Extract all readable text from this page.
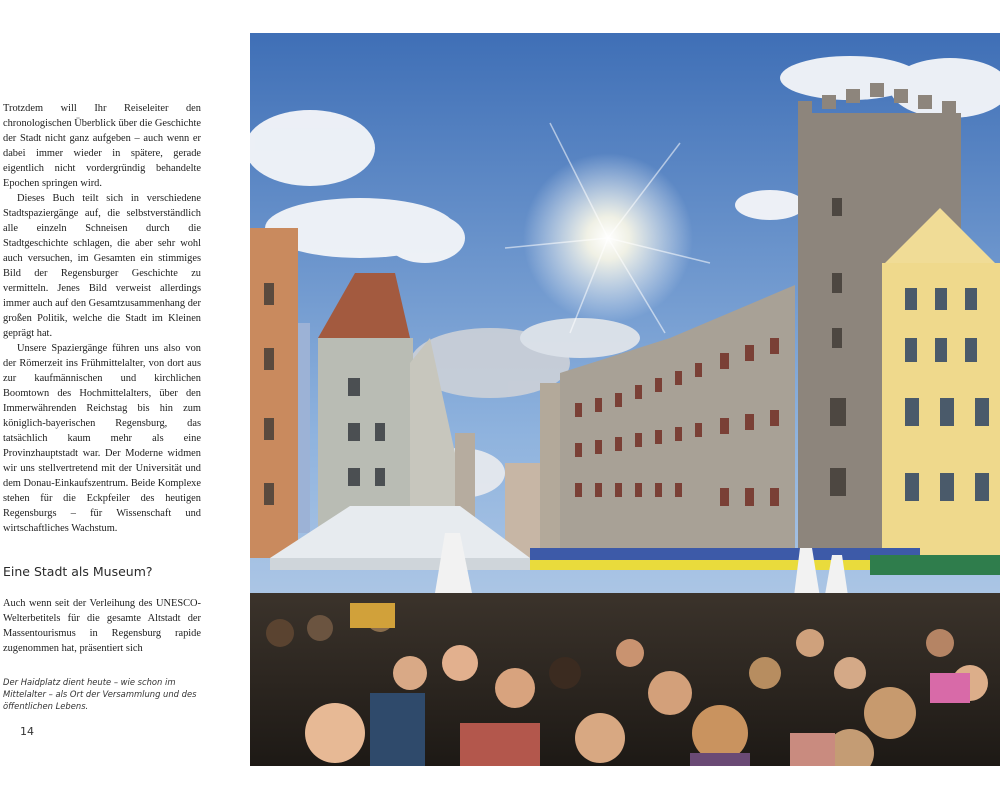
Trotzdem will Ihr Reiseleiter den chronologischen Überblick über die Geschichte der Stadt nicht ganz aufgeben – auch wenn er dabei immer wieder in spätere, gerade eigentlich nicht vordergründig behandelte Epochen springen wird.

Dieses Buch teilt sich in verschiedene Stadtspaziergänge auf, die selbstverständlich alle einzeln Schneisen durch die Stadtgeschichte schlagen, die aber sehr wohl auch versuchen, im Gesamten ein stimmiges Bild der Regensburger Geschichte zu vermitteln. Jenes Bild verweist allerdings immer auch auf den Gesamtzusammenhang der großen Politik, welche die Stadt im Kleinen geprägt hat.

Unsere Spaziergänge führen uns also von der Römerzeit ins Frühmittelalter, von dort aus zur kaufmännischen und kirchlichen Boomtown des Hochmittelalters, über den Immerwährenden Reichstag bis hin zum königlich-bayerischen Regensburg, das tatsächlich kaum mehr als eine Provinzhauptstadt war. Der Moderne widmen wir uns stellvertretend mit der Universität und dem Donau-Einkaufszentrum. Beide Komplexe stehen für die Eckpfeiler des heutigen Regensburgs – für Wissenschaft und wirtschaftliches Wachstum.

Eine Stadt als Museum?

Auch wenn seit der Verleihung des UNESCO-Welterbetitels für die gesamte Altstadt der Massentourismus in Regensburg rapide zugenommen hat, präsentiert sich

Der Haidplatz dient heute – wie schon im Mittelalter – als Ort der Versammlung und des öffentlichen Lebens.
14
